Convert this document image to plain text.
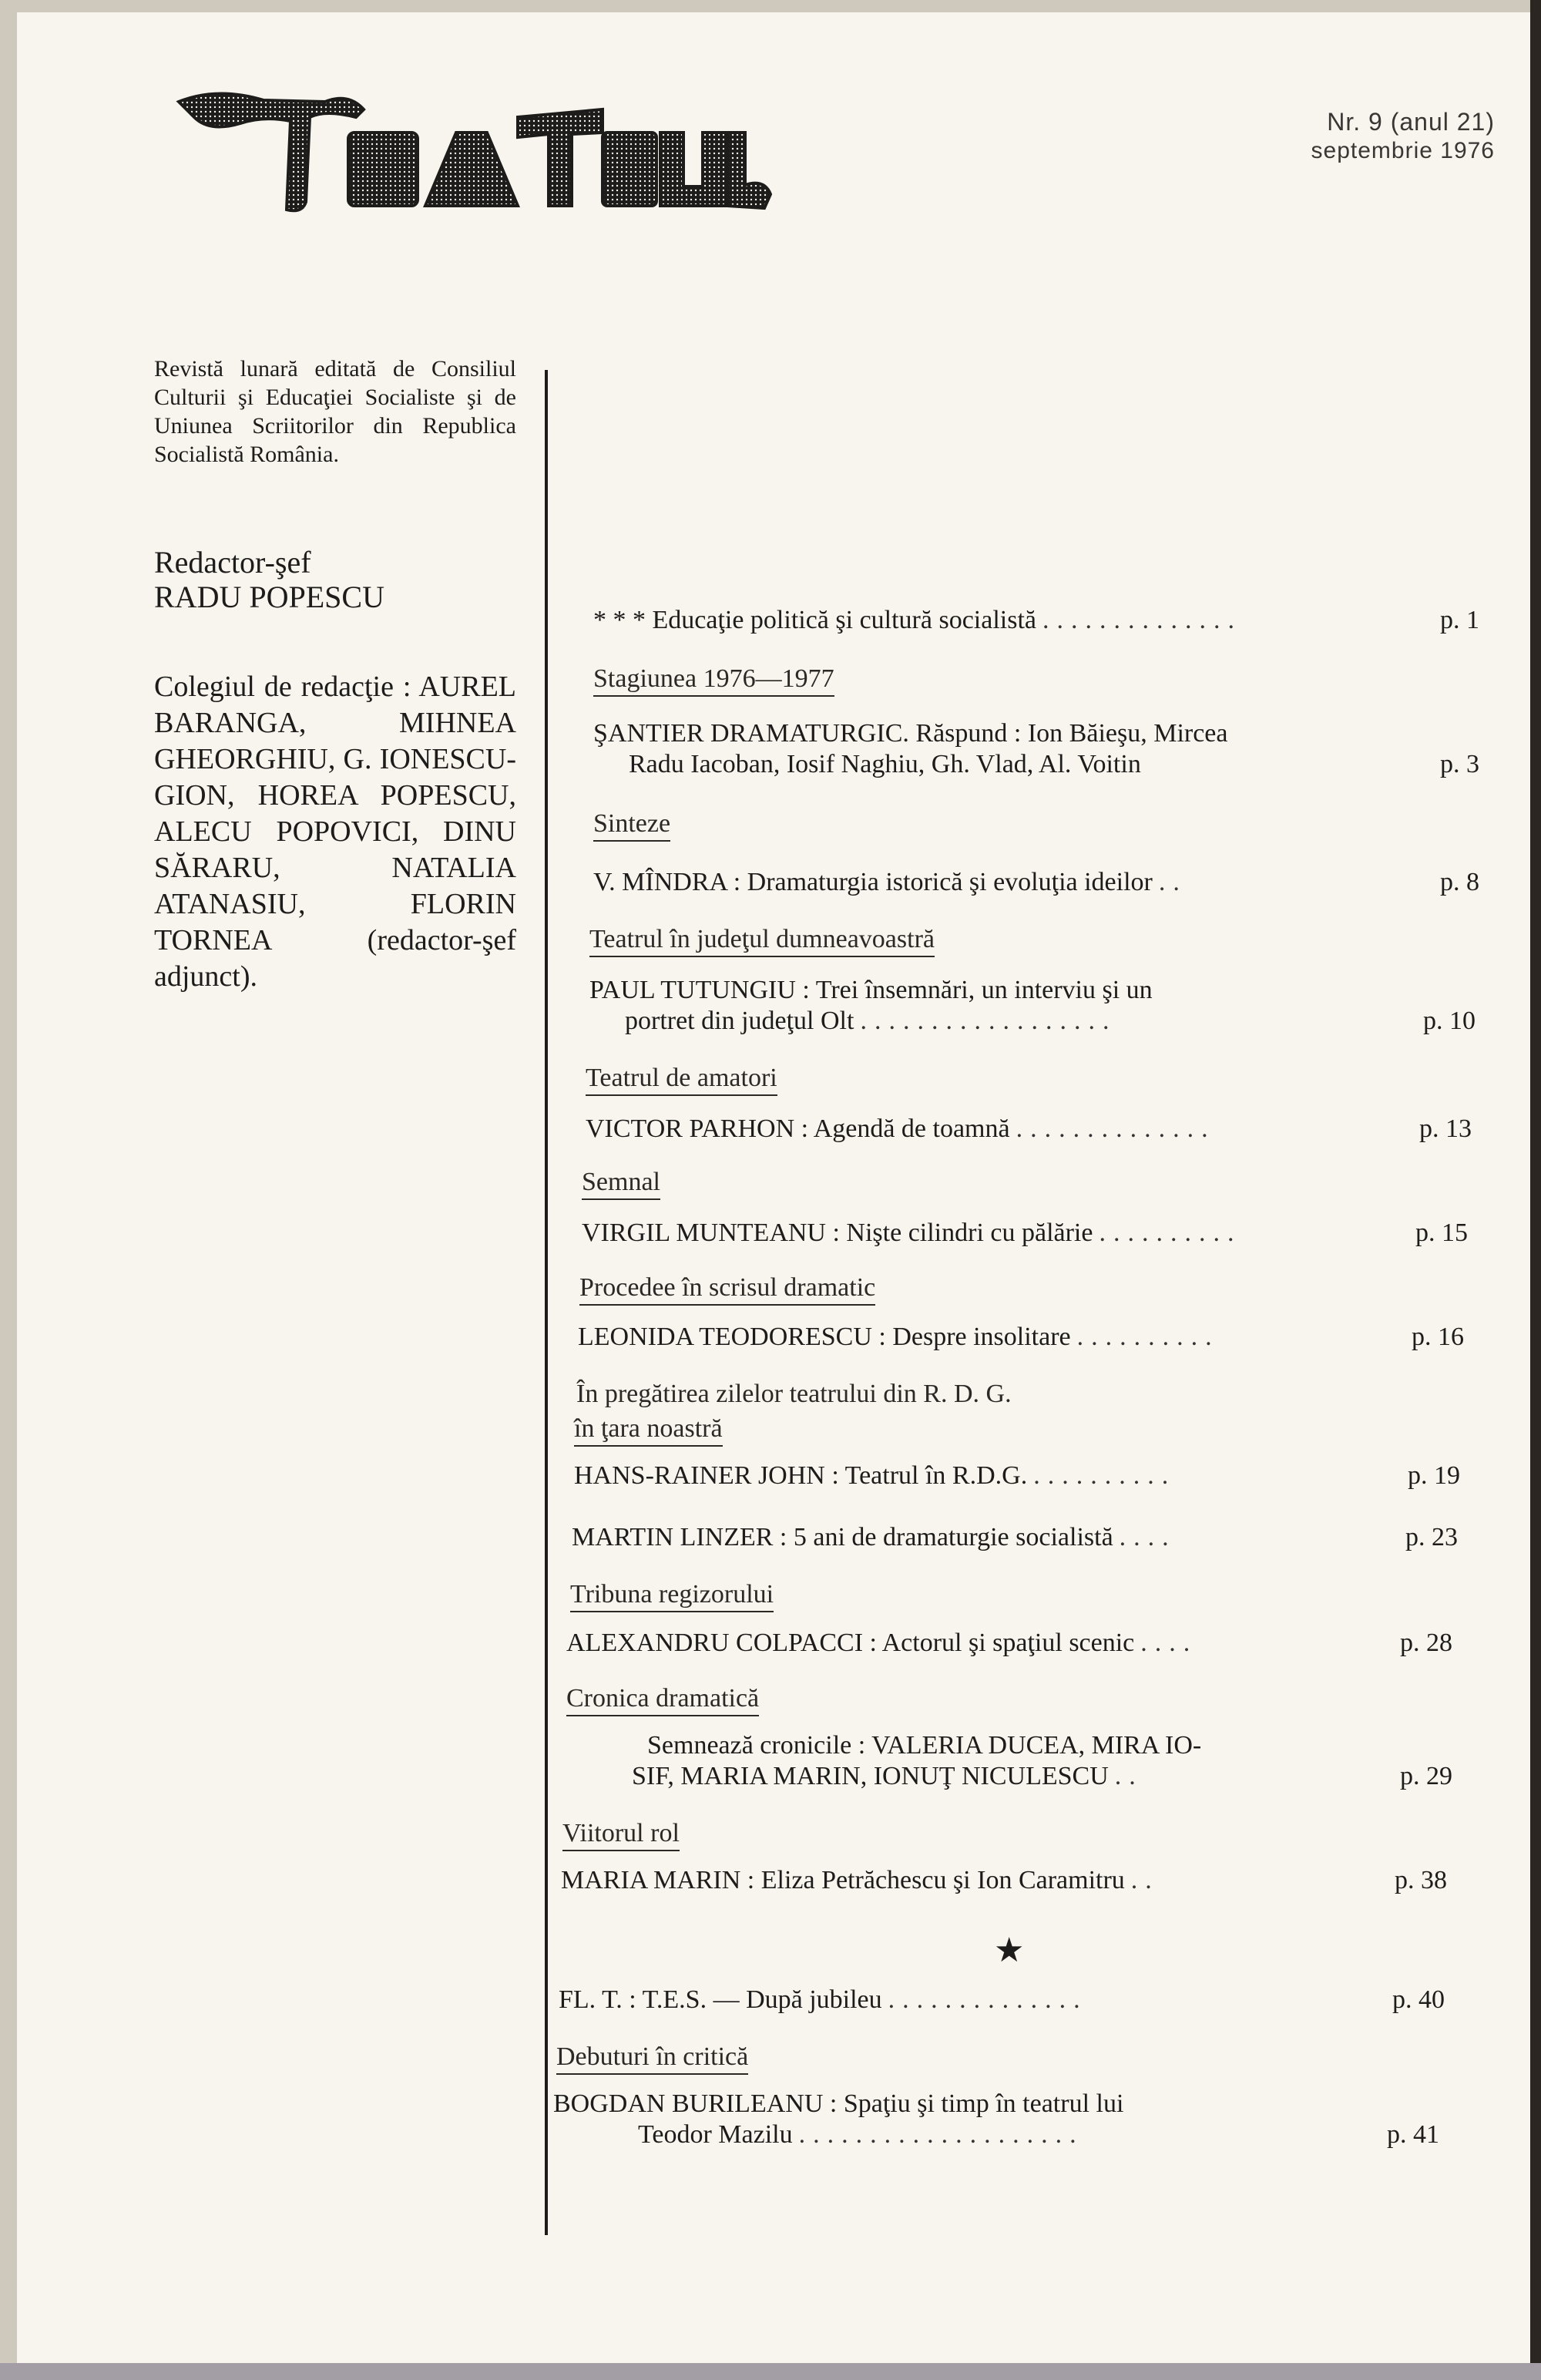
Nr. 9 (anul 21)
septembrie 1976
Revistă lunară editată de Consiliul Culturii şi Educaţiei Socialiste şi de Uniunea Scriitorilor din Republica Socialistă România.
Redactor-şef
RADU POPESCU
Colegiul de redacţie : AUREL BARANGA, MIHNEA GHEORGHIU, G. IONESCU-GION, HOREA POPESCU, ALECU POPOVICI, DINU SĂRARU, NATALIA ATANASIU, FLORIN TORNEA (redactor-şef adjunct).
* * * Educaţie politică şi cultură socialistă ..............	p. 1
Stagiunea 1976—1977
ŞANTIER DRAMATURGIC. Răspund : Ion Băieşu, Mircea
Radu Iacoban, Iosif Naghiu, Gh. Vlad, Al. Voitin	p. 3
Sinteze
V. MÎNDRA : Dramaturgia istorică şi evoluţia ideilor ..	p. 8
Teatrul în judeţul dumneavoastră
PAUL TUTUNGIU : Trei însemnări, un interviu şi un
portret din judeţul Olt ..................	p. 10
Teatrul de amatori
VICTOR PARHON : Agendă de toamnă ..............	p. 13
Semnal
VIRGIL MUNTEANU : Nişte cilindri cu pălărie ..........	p. 15
Procedee în scrisul dramatic
LEONIDA TEODORESCU : Despre insolitare ..........	p. 16
În pregătirea zilelor teatrului din R. D. G.
în ţara noastră
HANS-RAINER JOHN : Teatrul în R.D.G. ..........	p. 19
MARTIN LINZER : 5 ani de dramaturgie socialistă ....	p. 23
Tribuna regizorului
ALEXANDRU COLPACCI : Actorul şi spaţiul scenic ....	p. 28
Cronica dramatică
Semnează cronicile : VALERIA DUCEA, MIRA IO-
SIF, MARIA MARIN, IONUŢ NICULESCU ..	p. 29
Viitorul rol
MARIA MARIN : Eliza Petrăchescu şi Ion Caramitru ..	p. 38
★
FL. T. : T.E.S. — După jubileu ..............	p. 40
Debuturi în critică
BOGDAN BURILEANU : Spaţiu şi timp în teatrul lui
Teodor Mazilu ....................	p. 41
